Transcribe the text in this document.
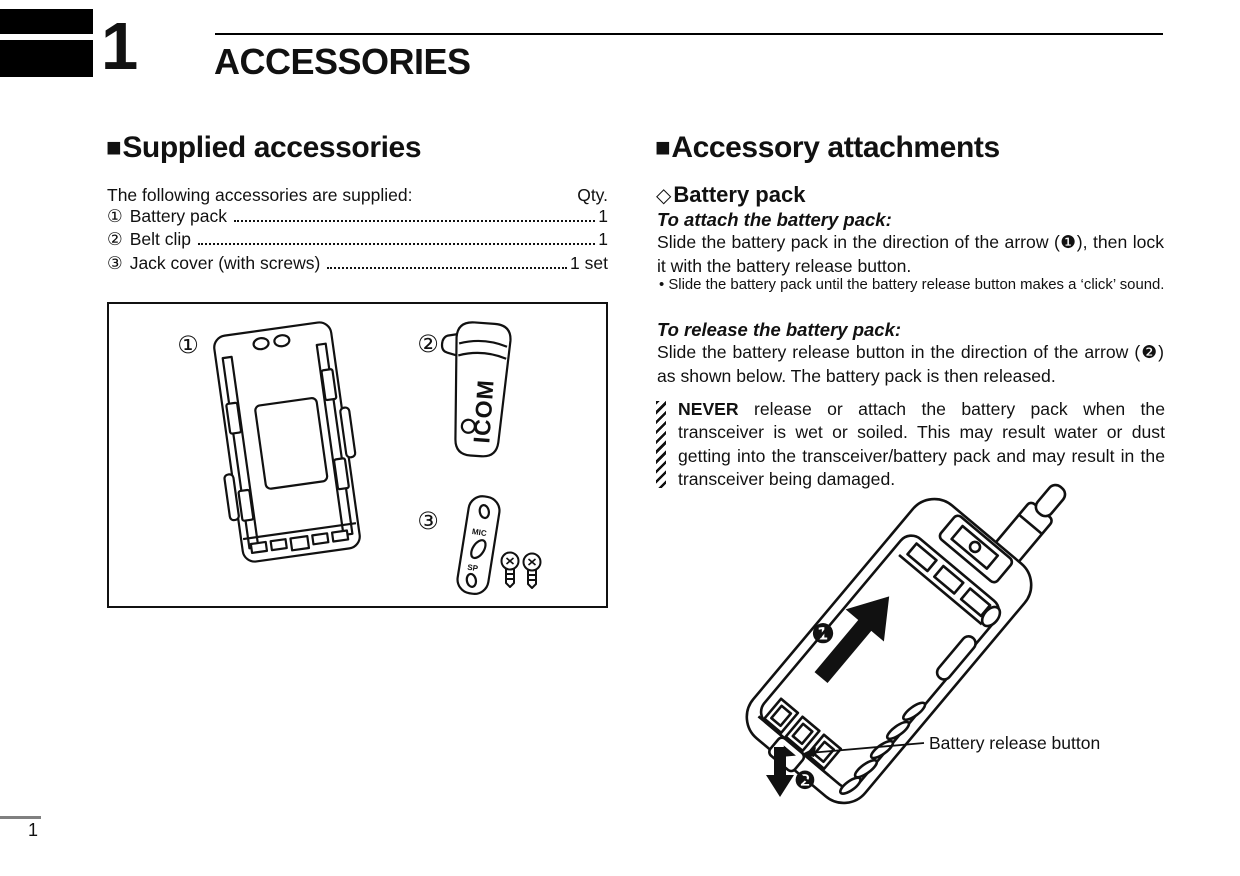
1 ACCESSORIES
■Supplied accessories
The following accessories are supplied:	Qty.
① Battery pack	1
② Belt clip	1
③ Jack cover (with screws)	1 set
①	②
ICOM
③	MIC
SP
■Accessory attachments
◇Battery pack
To attach the battery pack:
Slide the battery pack in the direction of the arrow (❶), then lock it with the battery release button.
• Slide the battery pack until the battery release button makes a ‘click’ sound.
To release the battery pack:
Slide the battery release button in the direction of the arrow (❷) as shown below. The battery pack is then released.
NEVER release or attach the battery pack when the transceiver is wet or soiled. This may result water or dust getting into the transceiver/battery pack and may result in the transceiver being damaged.
❶
❷
Battery release button
1
